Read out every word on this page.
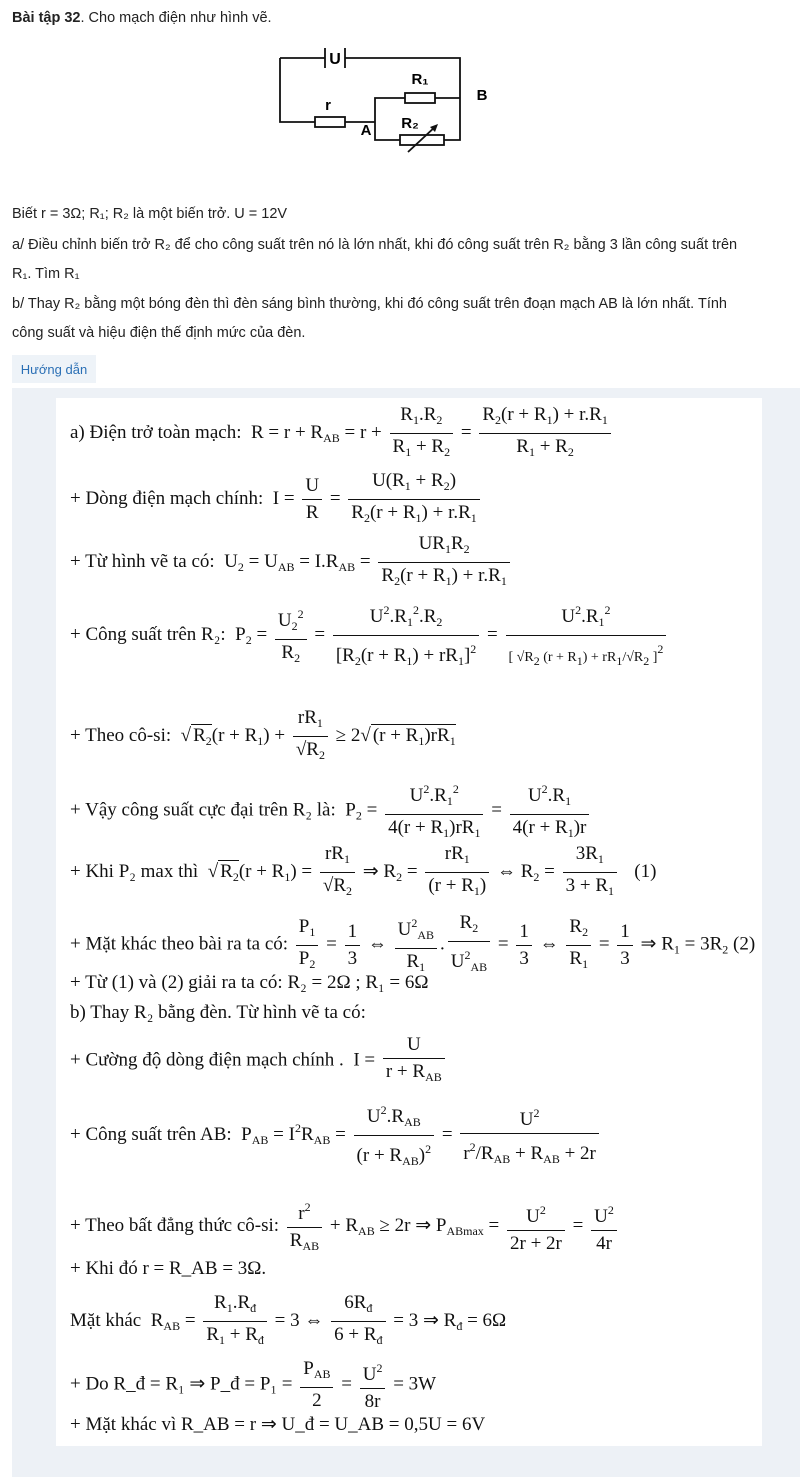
Bài tập 32. Cho mạch điện như hình vẽ.
U
R₁
R₂
r
A
B
Biết r = 3Ω; R₁; R₂ là một biến trở. U = 12V
a/ Điều chỉnh biến trở R₂ để cho công suất trên nó là lớn nhất, khi đó công suất trên R₂ bằng 3 lần công suất trên
R₁. Tìm R₁
b/ Thay R₂ bằng một bóng đèn thì đèn sáng bình thường, khi đó công suất trên đoạn mạch AB là lớn nhất. Tính
công suất và hiệu điện thế định mức của đèn.
Hướng dẫn
a) Điện trở toàn mạch:  $R = r + R_{AB} = r + \frac{R_1.R_2}{R_1 + R_2} = \frac{R_2(r + R_1) + r.R_1}{R_1 + R_2}$
+ Dòng điện mạch chính:  $I = \frac{U}{R} = \frac{U(R_1 + R_2)}{R_2(r + R_1) + r.R_1}$
+ Từ hình vẽ ta có:  $U_2 = U_{AB} = I.R_{AB} = \frac{UR_1R_2}{R_2(r + R_1) + r.R_1}$
+ Công suất trên R₂:  $P_2 = \frac{U_2^2}{R_2} = \frac{U^2.R_1^2.R_2}{[R_2(r + R_1) + rR_1]^2} = \frac{U^2.R_1^2}{[ √R2 (r + R1) + rR1/√R2 ]2}$
+ Theo cô-si:  √ $R_2(r + R_1) + \frac{rR_1}{√R_2} \ge 2√$ $(r + R_1)rR_1$
+ Vậy công suất cực đại trên R₂ là:  $P_2 = \frac{U^2.R_1^2}{4(r + R_1)rR_1} = \frac{U^2.R_1}{4(r + R_1)r}$
+ Khi P₂ max thì  √ $R_2(r + R_1) = \frac{rR_1}{√R_2}$ ⇒ $R_2 = \frac{rR_1}{(r + R_1)}$ ⇔ $R_2 = \frac{3R_1}{3 + R_1} (1)$
+ Mặt khác theo bài ra ta có: $\frac{P_1}{P_2} = \frac{1}{3}$ ⇔ $\frac{U^2_{AB}}{R_1}$ . $\frac{R_2}{U^2_{AB}} = \frac{1}{3}$ ⇔ $\frac{R_2}{R_1} = \frac{1}{3}$ ⇒ $R_1 = 3R_2$ (2)
+ Từ (1) và (2) giải ra ta có: R₂ = 2Ω ; R₁ = 6Ω
b) Thay R₂ bằng đèn. Từ hình vẽ ta có:
+ Cường độ dòng điện mạch chính .  $I = \frac{U}{r + R_{AB}}$
+ Công suất trên AB:  $P_{AB} = I^2R_{AB} = \frac{U^2.R_{AB}}{(r + R_{AB})^2} = \frac{U^2}{r^2/R_{AB} + R_{AB} + 2r}$
+ Theo bất đẳng thức cô-si: $\frac{r^2}{R_{AB}} + R_{AB} \ge 2r$ ⇒ $P_{ABmax} = \frac{U^2}{2r + 2r} = \frac{U^2}{4r}$
+ Khi đó r = R_AB = 3Ω.
Mặt khác  $R_{AB} = \frac{R_1.R_đ}{R_1 + R_đ} = 3$ ⇔ $\frac{6R_đ}{6 + R_đ} = 3$ ⇒ $R_đ = 6\Omega$
+ Do R_đ = R₁ ⇒ P_đ = $P_1 = \frac{P_{AB}}{2} = \frac{U^2}{8r} = 3W$
+ Mặt khác vì R_AB = r ⇒ U_đ = U_AB = 0,5U = 6V
